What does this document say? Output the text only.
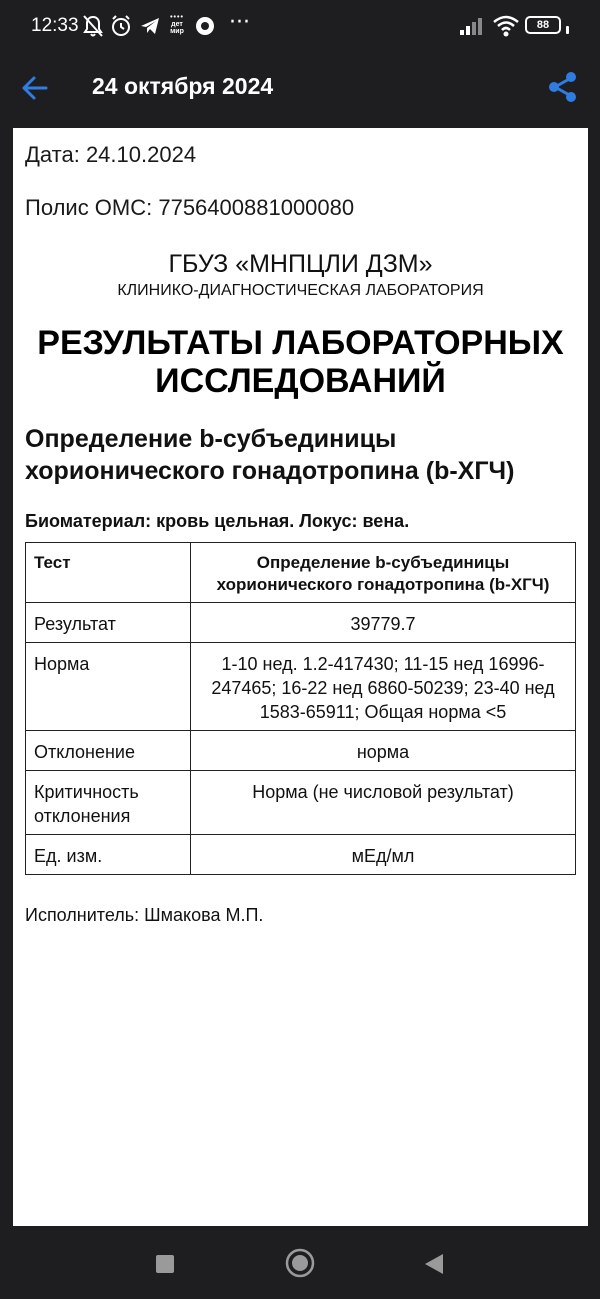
12:33	••••
дет
мир ···	88

24 октября 2024
Дата: 24.10.2024
Полис ОМС: 7756400881000080
ГБУЗ «МНПЦЛИ ДЗМ»
КЛИНИКО-ДИАГНОСТИЧЕСКАЯ ЛАБОРАТОРИЯ
РЕЗУЛЬТАТЫ ЛАБОРАТОРНЫХ ИССЛЕДОВАНИЙ
Определение b-субъединицы хорионического гонадотропина (b-ХГЧ)
Биоматериал: кровь цельная. Локус: вена.
Тест	Определение b-субъединицы хорионического гонадотропина (b-ХГЧ)
Результат	39779.7
Норма	1-10 нед. 1.2-417430; 11-15 нед 16996-247465; 16-22 нед 6860-50239; 23-40 нед 1583-65911; Общая норма <5
Отклонение	норма
Критичность отклонения	Норма (не числовой результат)
Ед. изм.	мЕд/мл
Исполнитель: Шмакова М.П.
